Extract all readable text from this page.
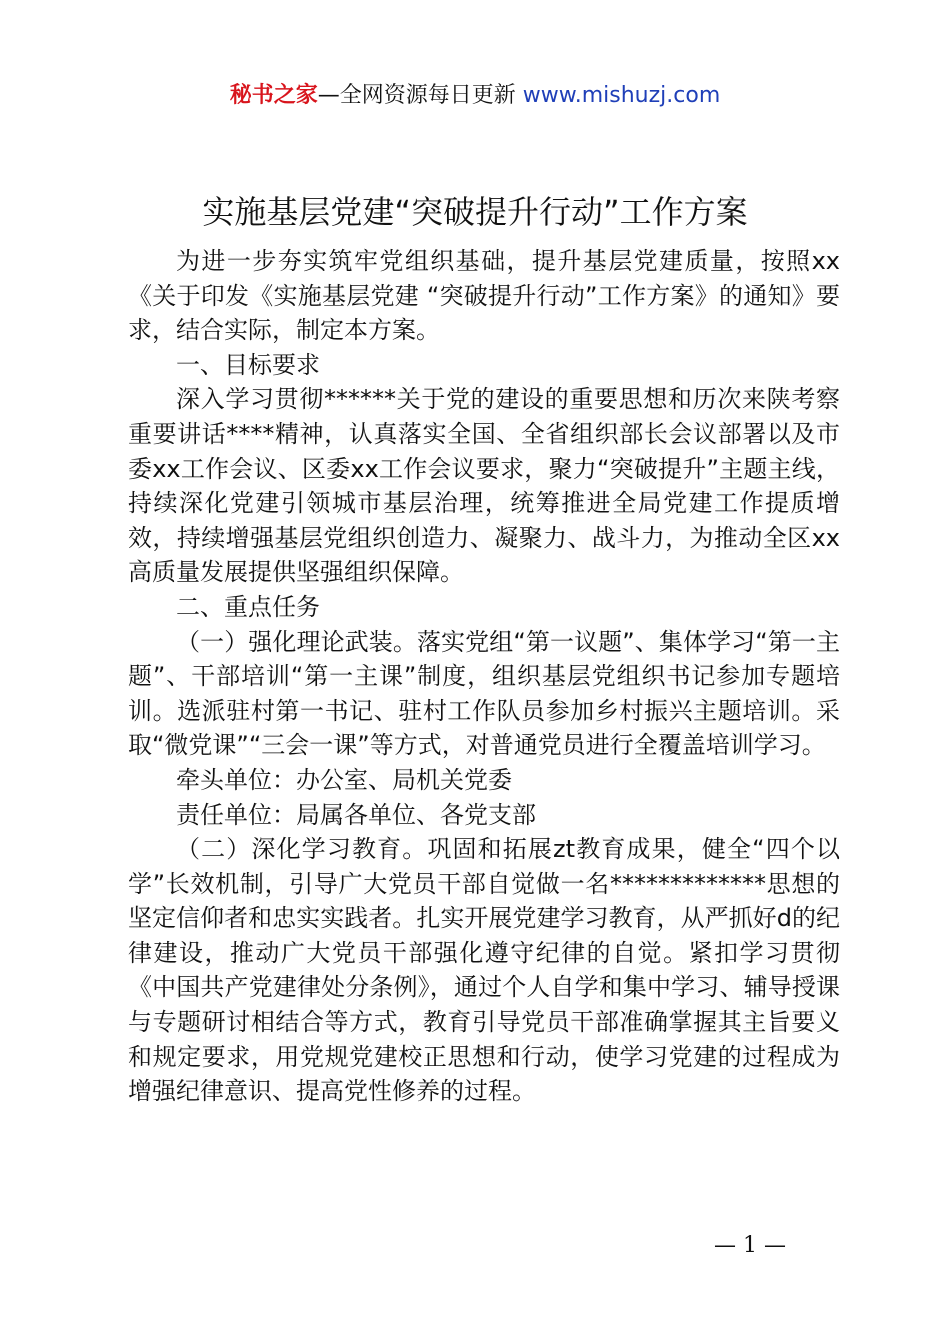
秘书之家—全网资源每日更新 www.mishuzj.com
实施基层党建“突破提升行动”工作方案

为进一步夯实筑牢党组织基础，提升基层党建质量，按照xx《关于印发《实施基层党建 “突破提升行动”工作方案》的通知》要求，结合实际，制定本方案。

一、目标要求

深入学习贯彻******关于党的建设的重要思想和历次来陕考察重要讲话****精神，认真落实全国、全省组织部长会议部署以及市委xx工作会议、区委xx工作会议要求，聚力“突破提升”主题主线，持续深化党建引领城市基层治理，统筹推进全局党建工作提质增效，持续增强基层党组织创造力、凝聚力、战斗力，为推动全区xx高质量发展提供坚强组织保障。

二、重点任务

（一）强化理论武装。落实党组“第一议题”、集体学习“第一主题”、干部培训“第一主课”制度，组织基层党组织书记参加专题培训。选派驻村第一书记、驻村工作队员参加乡村振兴主题培训。采取“微党课”“三会一课”等方式，对普通党员进行全覆盖培训学习。

牵头单位：办公室、局机关党委

责任单位：局属各单位、各党支部

（二）深化学习教育。巩固和拓展zt教育成果，健全“四个以学”长效机制，引导广大党员干部自觉做一名*************思想的坚定信仰者和忠实实践者。扎实开展党建学习教育，从严抓好d的纪律建设，推动广大党员干部强化遵守纪律的自觉。紧扣学习贯彻《中国共产党建律处分条例》，通过个人自学和集中学习、辅导授课与专题研讨相结合等方式，教育引导党员干部准确掌握其主旨要义和规定要求，用党规党建校正思想和行动，使学习党建的过程成为增强纪律意识、提高党性修养的过程。

— 1 —
